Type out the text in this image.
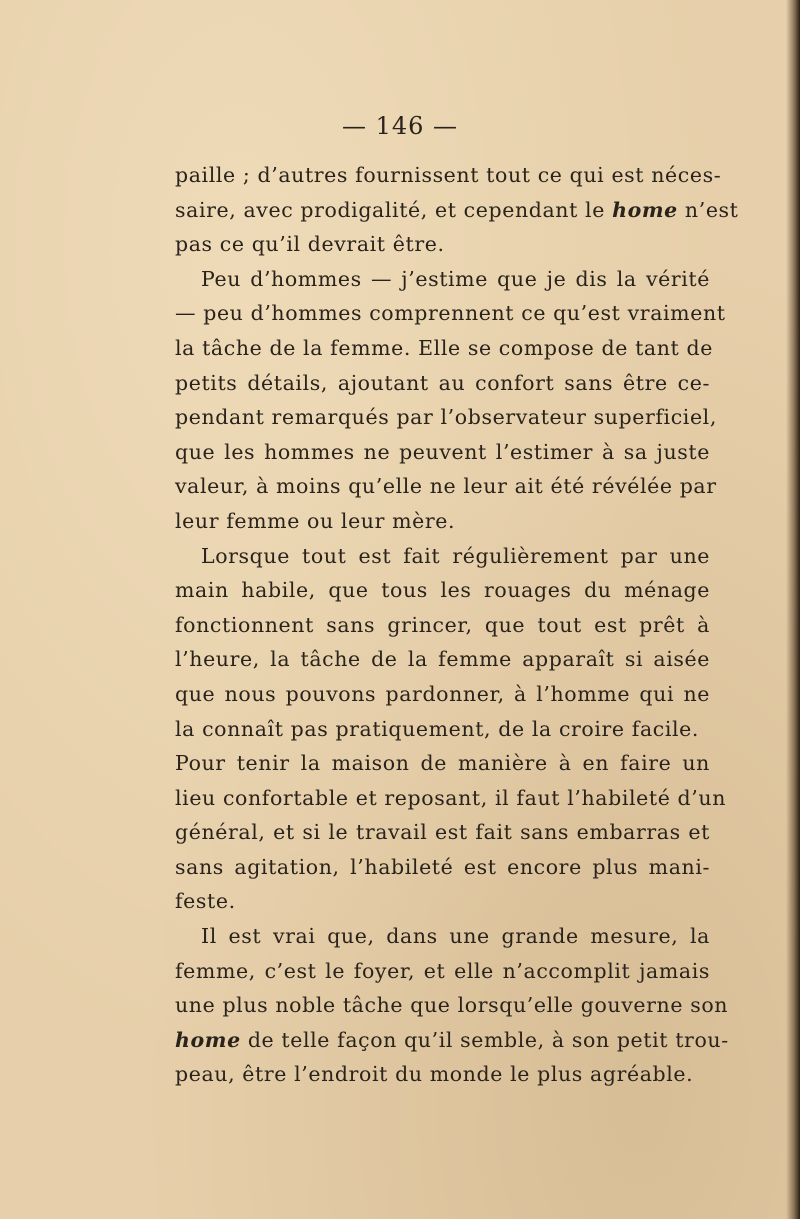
— 146 —
paille ; d’autres fournissent tout ce qui est néces-
saire, avec prodigalité, et cependant le home n’est
pas ce qu’il devrait être.
Peu d’hommes — j’estime que je dis la vérité
— peu d’hommes comprennent ce qu’est vraiment
la tâche de la femme. Elle se compose de tant de
petits détails, ajoutant au confort sans être ce-
pendant remarqués par l’observateur superficiel,
que les hommes ne peuvent l’estimer à sa juste
valeur, à moins qu’elle ne leur ait été révélée par
leur femme ou leur mère.
Lorsque tout est fait régulièrement par une
main habile, que tous les rouages du ménage
fonctionnent sans grincer, que tout est prêt à
l’heure, la tâche de la femme apparaît si aisée
que nous pouvons pardonner, à l’homme qui ne
la connaît pas pratiquement, de la croire facile.
Pour tenir la maison de manière à en faire un
lieu confortable et reposant, il faut l’habileté d’un
général, et si le travail est fait sans embarras et
sans agitation, l’habileté est encore plus mani-
feste.
Il est vrai que, dans une grande mesure, la
femme, c’est le foyer, et elle n’accomplit jamais
une plus noble tâche que lorsqu’elle gouverne son
home de telle façon qu’il semble, à son petit trou-
peau, être l’endroit du monde le plus agréable.
